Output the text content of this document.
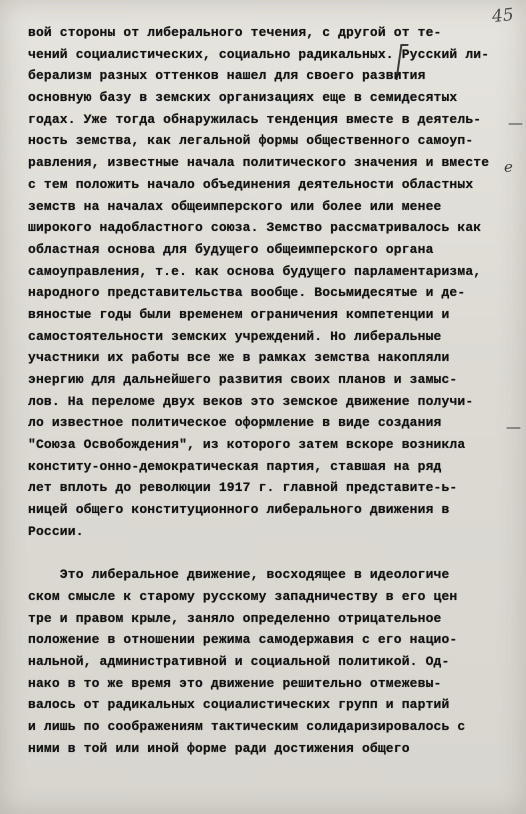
45
—
е
—
вой стороны от либерального течения, с другой от те-
чений социалистических, социально радикальных. Русский ли-
берализм разных оттенков нашел для своего развития
основную базу в земских организациях еще в семидесятых
годах. Уже тогда обнаружилась тенденция вместе в деятель-
ность земства, как легальной формы общественного самоуп-
равления, известные начала политического значения и вместе
с тем положить начало объединения деятельности областных
земств на началах общеимперского или более или менее
широкого надобластного союза. Земство рассматривалось как
областная основа для будущего общеимперского органа
самоуправления, т.е. как основа будущего парламентаризма,
народного представительства вообще. Восьмидесятые и де-
вяностые годы были временем ограничения компетенции и
самостоятельности земских учреждений. Но либеральные
участники их работы все же в рамках земства накопляли
энергию для дальнейшего развития своих планов и замыс-
лов. На переломе двух веков это земское движение получи-
ло известное политическое оформление в виде создания
"Союза Освобождения", из которого затем вскоре возникла
конститу-онно-демократическая партия, ставшая на ряд
лет вплоть до революции 1917 г. главной представите-ь-
ницей общего конституционного либерального движения в
России.
Это либеральное движение, восходящее в идеологиче
ском смысле к старому русскому западничеству в его цен
тре и правом крыле, заняло определенно отрицательное
положение в отношении режима самодержавия с его нацио-
нальной, административной и социальной политикой. Од-
нако в то же время это движение решительно отмежевы-
валось от радикальных социалистических групп и партий
и лишь по соображениям тактическим солидаризировалось с
ними в той или иной форме ради достижения общего
